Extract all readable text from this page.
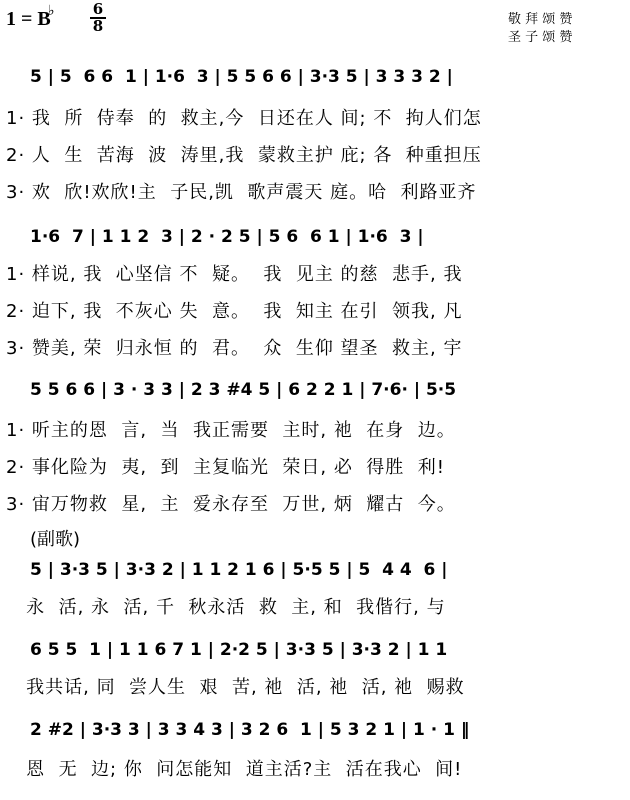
1 = B
♭	6
8	敬 拜 颂 赞
圣 子 颂 赞
5 | 5  6 6  1 | 1·6  3 | 5 5 6 6 | 3·3 5 | 3 3 3 2 |
1· 我  所  侍奉  的  救主,今  日还在人 间; 不  拘人们怎
2· 人  生  苦海  波  涛里,我  蒙救主护 庇; 各  种重担压
3· 欢  欣!欢欣!主  子民,凯  歌声震天 庭。哈  利路亚齐
1·6  7 | 1 1 2  3 | 2 · 2 5 | 5 6  6 1 | 1·6  3 |
1· 样说, 我  心坚信 不  疑。  我  见主 的慈  悲手, 我
2· 迫下, 我  不灰心 失  意。  我  知主 在引  领我, 凡
3· 赞美, 荣  归永恒 的  君。  众  生仰 望圣  救主, 宇
5 5 6 6 | 3 · 3 3 | 2 3 #4 5 | 6 2 2 1 | 7·6· | 5·5
1· 听主的恩  言,  当  我正需要  主时, 祂  在身  边。
2· 事化险为  夷,  到  主复临光  荣日, 必  得胜  利!
3· 宙万物救  星,  主  爱永存至  万世, 炳  耀古  今。
(副歌)
5 | 3·3 5 | 3·3 2 | 1 1 2 1 6 | 5·5 5 | 5  4 4  6 |
永  活, 永  活, 千  秋永活  救  主, 和  我偕行, 与
6 5 5  1 | 1 1 6 7 1 | 2·2 5 | 3·3 5 | 3·3 2 | 1 1
我共话, 同  尝人生  艰  苦, 祂  活, 祂  活, 祂  赐救
2 #2 | 3·3 3 | 3 3 4 3 | 3 2 6  1 | 5 3 2 1 | 1 · 1 ‖
恩  无  边; 你  问怎能知  道主活?主  活在我心  间!
